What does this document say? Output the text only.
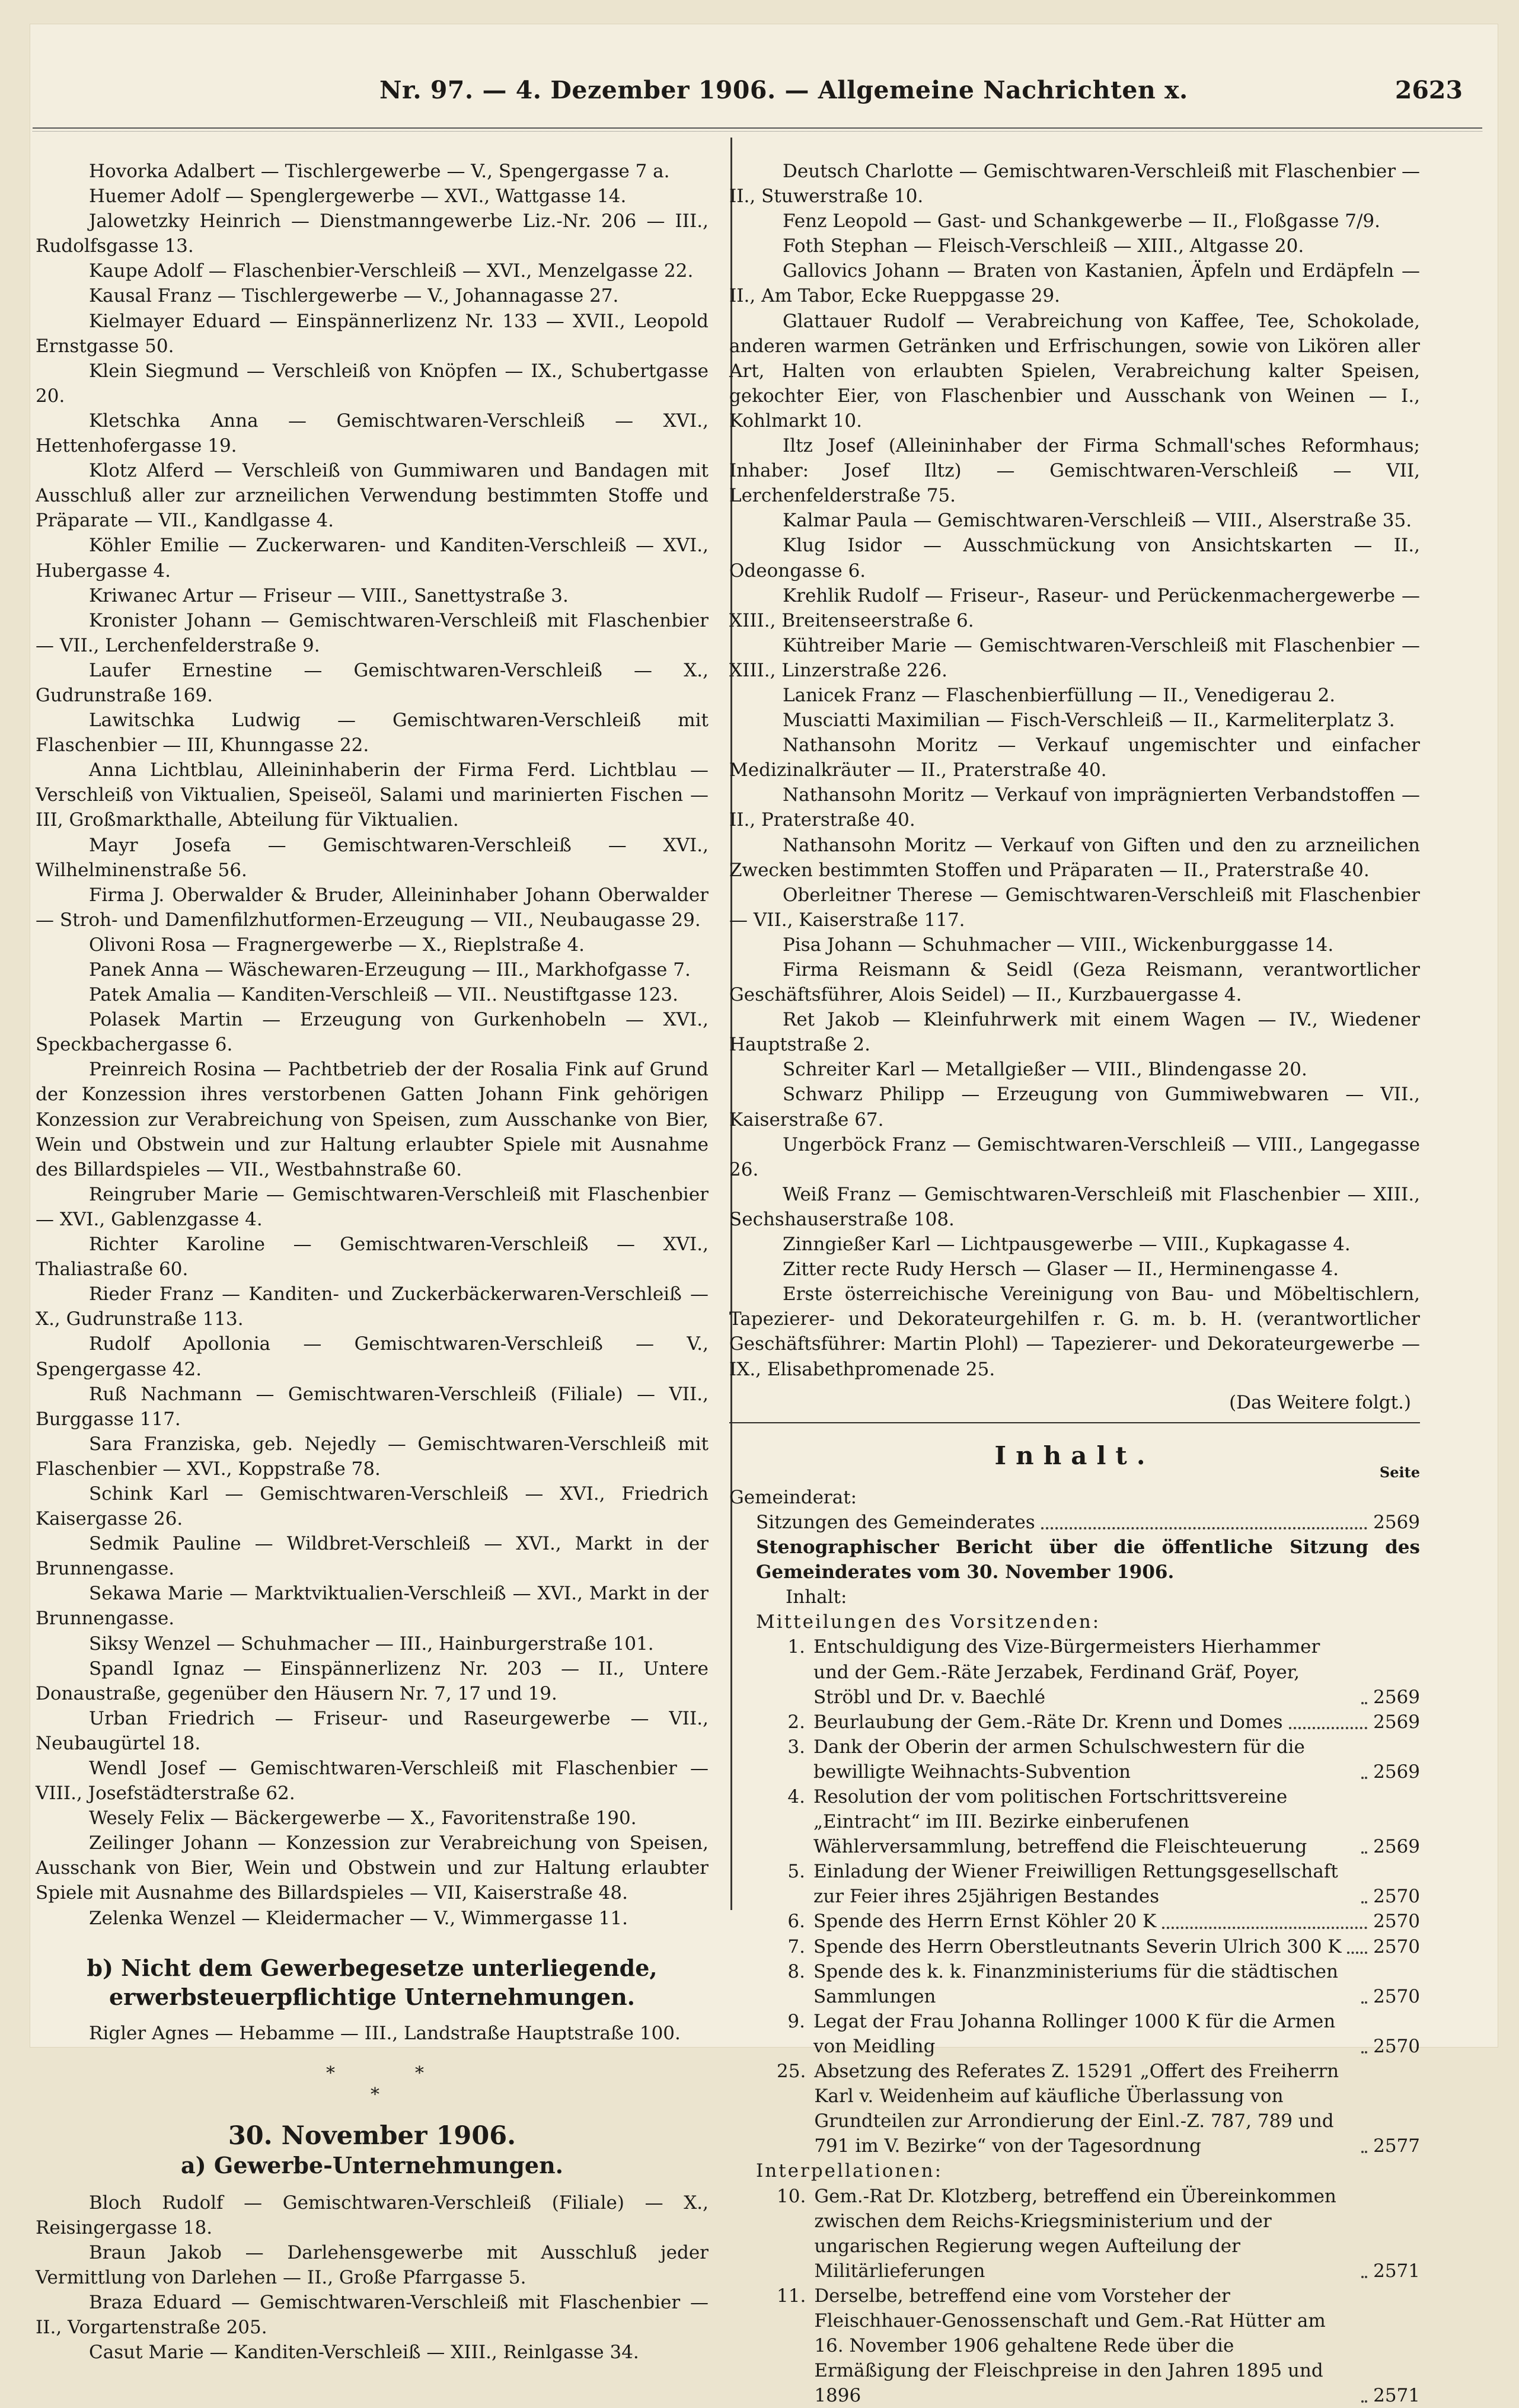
Nr. 97. — 4. Dezember 1906. — Allgemeine Nachrichten x.	2623

Hovorka Adalbert — Tischlergewerbe — V., Spengergasse 7 a.

Huemer Adolf — Spenglergewerbe — XVI., Wattgasse 14.

Jalowetzky Heinrich — Dienstmanngewerbe Liz.-Nr. 206 — III., Rudolfsgasse 13.

Kaupe Adolf — Flaschenbier-Verschleiß — XVI., Menzelgasse 22.

Kausal Franz — Tischlergewerbe — V., Johannagasse 27.

Kielmayer Eduard — Einspännerlizenz Nr. 133 — XVII., Leopold Ernstgasse 50.

Klein Siegmund — Verschleiß von Knöpfen — IX., Schubertgasse 20.

Kletschka Anna — Gemischtwaren-Verschleiß — XVI., Hettenhofergasse 19.

Klotz Alferd — Verschleiß von Gummiwaren und Bandagen mit Ausschluß aller zur arzneilichen Verwendung bestimmten Stoffe und Präparate — VII., Kandlgasse 4.

Köhler Emilie — Zuckerwaren- und Kanditen-Verschleiß — XVI., Hubergasse 4.

Kriwanec Artur — Friseur — VIII., Sanettystraße 3.

Kronister Johann — Gemischtwaren-Verschleiß mit Flaschenbier — VII., Lerchenfelderstraße 9.

Laufer Ernestine — Gemischtwaren-Verschleiß — X., Gudrunstraße 169.

Lawitschka Ludwig — Gemischtwaren-Verschleiß mit Flaschenbier — III, Khunngasse 22.

Anna Lichtblau, Alleininhaberin der Firma Ferd. Lichtblau — Verschleiß von Viktualien, Speiseöl, Salami und marinierten Fischen — III, Großmarkthalle, Abteilung für Viktualien.

Mayr Josefa — Gemischtwaren-Verschleiß — XVI., Wilhelminenstraße 56.

Firma J. Oberwalder & Bruder, Alleininhaber Johann Oberwalder — Stroh- und Damenfilzhutformen-Erzeugung — VII., Neubaugasse 29.

Olivoni Rosa — Fragnergewerbe — X., Rieplstraße 4.

Panek Anna — Wäschewaren-Erzeugung — III., Markhofgasse 7.

Patek Amalia — Kanditen-Verschleiß — VII.. Neustiftgasse 123.

Polasek Martin — Erzeugung von Gurkenhobeln — XVI., Speckbachergasse 6.

Preinreich Rosina — Pachtbetrieb der der Rosalia Fink auf Grund der Konzession ihres verstorbenen Gatten Johann Fink gehörigen Konzession zur Verabreichung von Speisen, zum Ausschanke von Bier, Wein und Obstwein und zur Haltung erlaubter Spiele mit Ausnahme des Billardspieles — VII., Westbahnstraße 60.

Reingruber Marie — Gemischtwaren-Verschleiß mit Flaschenbier — XVI., Gablenzgasse 4.

Richter Karoline — Gemischtwaren-Verschleiß — XVI., Thaliastraße 60.

Rieder Franz — Kanditen- und Zuckerbäckerwaren-Verschleiß — X., Gudrunstraße 113.

Rudolf Apollonia — Gemischtwaren-Verschleiß — V., Spengergasse 42.

Ruß Nachmann — Gemischtwaren-Verschleiß (Filiale) — VII., Burggasse 117.

Sara Franziska, geb. Nejedly — Gemischtwaren-Verschleiß mit Flaschenbier — XVI., Koppstraße 78.

Schink Karl — Gemischtwaren-Verschleiß — XVI., Friedrich Kaisergasse 26.

Sedmik Pauline — Wildbret-Verschleiß — XVI., Markt in der Brunnengasse.

Sekawa Marie — Marktviktualien-Verschleiß — XVI., Markt in der Brunnengasse.

Siksy Wenzel — Schuhmacher — III., Hainburgerstraße 101.

Spandl Ignaz — Einspännerlizenz Nr. 203 — II., Untere Donaustraße, gegenüber den Häusern Nr. 7, 17 und 19.

Urban Friedrich — Friseur- und Raseurgewerbe — VII., Neubaugürtel 18.

Wendl Josef — Gemischtwaren-Verschleiß mit Flaschenbier — VIII., Josefstädterstraße 62.

Wesely Felix — Bäckergewerbe — X., Favoritenstraße 190.

Zeilinger Johann — Konzession zur Verabreichung von Speisen, Ausschank von Bier, Wein und Obstwein und zur Haltung erlaubter Spiele mit Ausnahme des Billardspieles — VII, Kaiserstraße 48.

Zelenka Wenzel — Kleidermacher — V., Wimmergasse 11.

b) Nicht dem Gewerbegesetze unterliegende, erwerbsteuerpflichtige Unternehmungen.

Rigler Agnes — Hebamme — III., Landstraße Hauptstraße 100.

*	*
*

30. November 1906.

a) Gewerbe-Unternehmungen.

Bloch Rudolf — Gemischtwaren-Verschleiß (Filiale) — X., Reisingergasse 18.

Braun Jakob — Darlehensgewerbe mit Ausschluß jeder Vermittlung von Darlehen — II., Große Pfarrgasse 5.

Braza Eduard — Gemischtwaren-Verschleiß mit Flaschenbier — II., Vorgartenstraße 205.

Casut Marie — Kanditen-Verschleiß — XIII., Reinlgasse 34.

Deutsch Charlotte — Gemischtwaren-Verschleiß mit Flaschenbier — II., Stuwerstraße 10.

Fenz Leopold — Gast- und Schankgewerbe — II., Floßgasse 7/9.

Foth Stephan — Fleisch-Verschleiß — XIII., Altgasse 20.

Gallovics Johann — Braten von Kastanien, Äpfeln und Erdäpfeln — II., Am Tabor, Ecke Rueppgasse 29.

Glattauer Rudolf — Verabreichung von Kaffee, Tee, Schokolade, anderen warmen Getränken und Erfrischungen, sowie von Likören aller Art, Halten von erlaubten Spielen, Verabreichung kalter Speisen, gekochter Eier, von Flaschenbier und Ausschank von Weinen — I., Kohlmarkt 10.

Iltz Josef (Alleininhaber der Firma Schmall'sches Reformhaus; Inhaber: Josef Iltz) — Gemischtwaren-Verschleiß — VII, Lerchenfelderstraße 75.

Kalmar Paula — Gemischtwaren-Verschleiß — VIII., Alserstraße 35.

Klug Isidor — Ausschmückung von Ansichtskarten — II., Odeongasse 6.

Krehlik Rudolf — Friseur-, Raseur- und Perückenmachergewerbe — XIII., Breitenseerstraße 6.

Kühtreiber Marie — Gemischtwaren-Verschleiß mit Flaschenbier — XIII., Linzerstraße 226.

Lanicek Franz — Flaschenbierfüllung — II., Venedigerau 2.

Musciatti Maximilian — Fisch-Verschleiß — II., Karmeliterplatz 3.

Nathansohn Moritz — Verkauf ungemischter und einfacher Medizinalkräuter — II., Praterstraße 40.

Nathansohn Moritz — Verkauf von imprägnierten Verbandstoffen — II., Praterstraße 40.

Nathansohn Moritz — Verkauf von Giften und den zu arzneilichen Zwecken bestimmten Stoffen und Präparaten — II., Praterstraße 40.

Oberleitner Therese — Gemischtwaren-Verschleiß mit Flaschenbier — VII., Kaiserstraße 117.

Pisa Johann — Schuhmacher — VIII., Wickenburggasse 14.

Firma Reismann & Seidl (Geza Reismann, verantwortlicher Geschäftsführer, Alois Seidel) — II., Kurzbauergasse 4.

Ret Jakob — Kleinfuhrwerk mit einem Wagen — IV., Wiedener Hauptstraße 2.

Schreiter Karl — Metallgießer — VIII., Blindengasse 20.

Schwarz Philipp — Erzeugung von Gummiwebwaren — VII., Kaiserstraße 67.

Ungerböck Franz — Gemischtwaren-Verschleiß — VIII., Langegasse 26.

Weiß Franz — Gemischtwaren-Verschleiß mit Flaschenbier — XIII., Sechshauserstraße 108.

Zinngießer Karl — Lichtpausgewerbe — VIII., Kupkagasse 4.

Zitter recte Rudy Hersch — Glaser — II., Herminengasse 4.

Erste österreichische Vereinigung von Bau- und Möbeltischlern, Tapezierer- und Dekorateurgehilfen r. G. m. b. H. (verantwortlicher Geschäftsführer: Martin Plohl) — Tapezierer- und Dekorateurgewerbe — IX., Elisabethpromenade 25.

(Das Weitere folgt.)

Inhalt.

Seite

Gemeinderat:

Sitzungen des Gemeinderates	2569

Stenographischer Bericht über die öffentliche Sitzung des Gemeinderates vom 30. November 1906.

Inhalt:

Mitteilungen des Vorsitzenden:

1. Entschuldigung des Vize-Bürgermeisters Hierhammer und der Gem.-Räte Jerzabek, Ferdinand Gräf, Poyer, Ströbl und Dr. v. Baechlé	2569
2. Beurlaubung der Gem.-Räte Dr. Krenn und Domes	2569
3. Dank der Oberin der armen Schulschwestern für die bewilligte Weihnachts-Subvention	2569
4. Resolution der vom politischen Fortschrittsvereine „Eintracht“ im III. Bezirke einberufenen Wählerversammlung, betreffend die Fleischteuerung	2569
5. Einladung der Wiener Freiwilligen Rettungsgesellschaft zur Feier ihres 25jährigen Bestandes	2570
6. Spende des Herrn Ernst Köhler 20 K	2570
7. Spende des Herrn Oberstleutnants Severin Ulrich 300 K 2570
8. Spende des k. k. Finanzministeriums für die städtischen Sammlungen	2570
9. Legat der Frau Johanna Rollinger 1000 K für die Armen von Meidling	2570
25. Absetzung des Referates Z. 15291 „Offert des Freiherrn Karl v. Weidenheim auf käufliche Überlassung von Grundteilen zur Arrondierung der Einl.-Z. 787, 789 und 791 im V. Bezirke“ von der Tagesordnung	2577

Interpellationen:

10. Gem.-Rat Dr. Klotzberg, betreffend ein Übereinkommen zwischen dem Reichs-Kriegsministerium und der ungarischen Regierung wegen Aufteilung der Militärlieferungen	2571
11. Derselbe, betreffend eine vom Vorsteher der Fleischhauer-Genossenschaft und Gem.-Rat Hütter am 16. November 1906 gehaltene Rede über die Ermäßigung der Fleischpreise in den Jahren 1895 und 1896	2571
